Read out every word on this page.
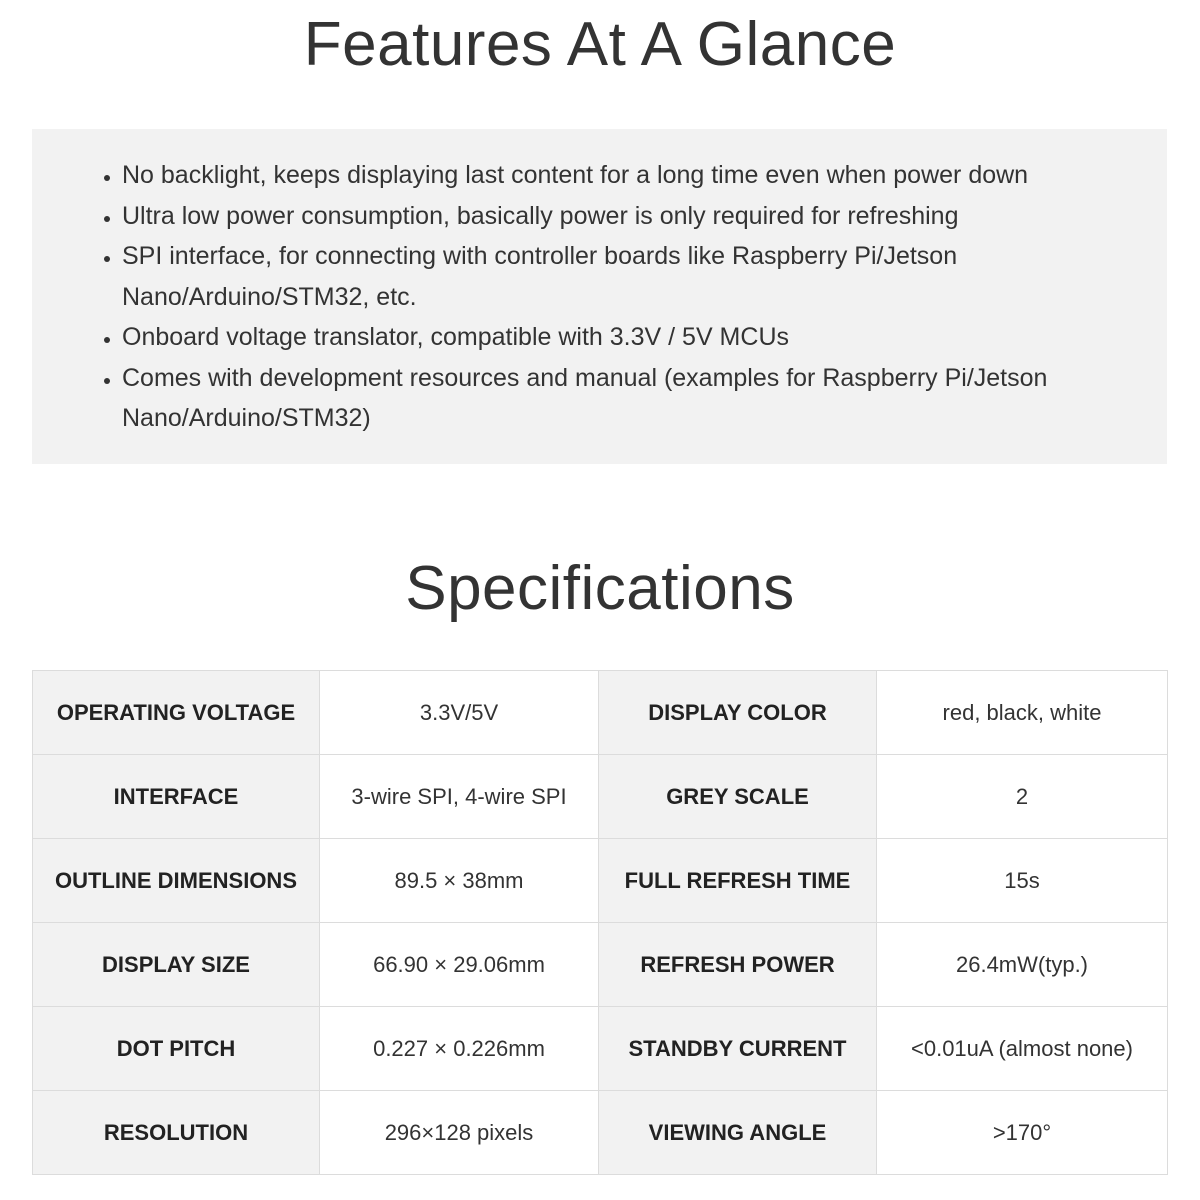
Features At A Glance
• No backlight, keeps displaying last content for a long time even when power down
• Ultra low power consumption, basically power is only required for refreshing
• SPI interface, for connecting with controller boards like Raspberry Pi/Jetson Nano/Arduino/STM32, etc.
• Onboard voltage translator, compatible with 3.3V / 5V MCUs
• Comes with development resources and manual (examples for Raspberry Pi/Jetson Nano/Arduino/STM32)
Specifications
OPERATING VOLTAGE	3.3V/5V	DISPLAY COLOR	red, black, white
INTERFACE	3-wire SPI, 4-wire SPI	GREY SCALE	2
OUTLINE DIMENSIONS	89.5 × 38mm	FULL REFRESH TIME	15s
DISPLAY SIZE	66.90 × 29.06mm	REFRESH POWER	26.4mW(typ.)
DOT PITCH	0.227 × 0.226mm	STANDBY CURRENT	<0.01uA (almost none)
RESOLUTION	296×128 pixels	VIEWING ANGLE	>170°
